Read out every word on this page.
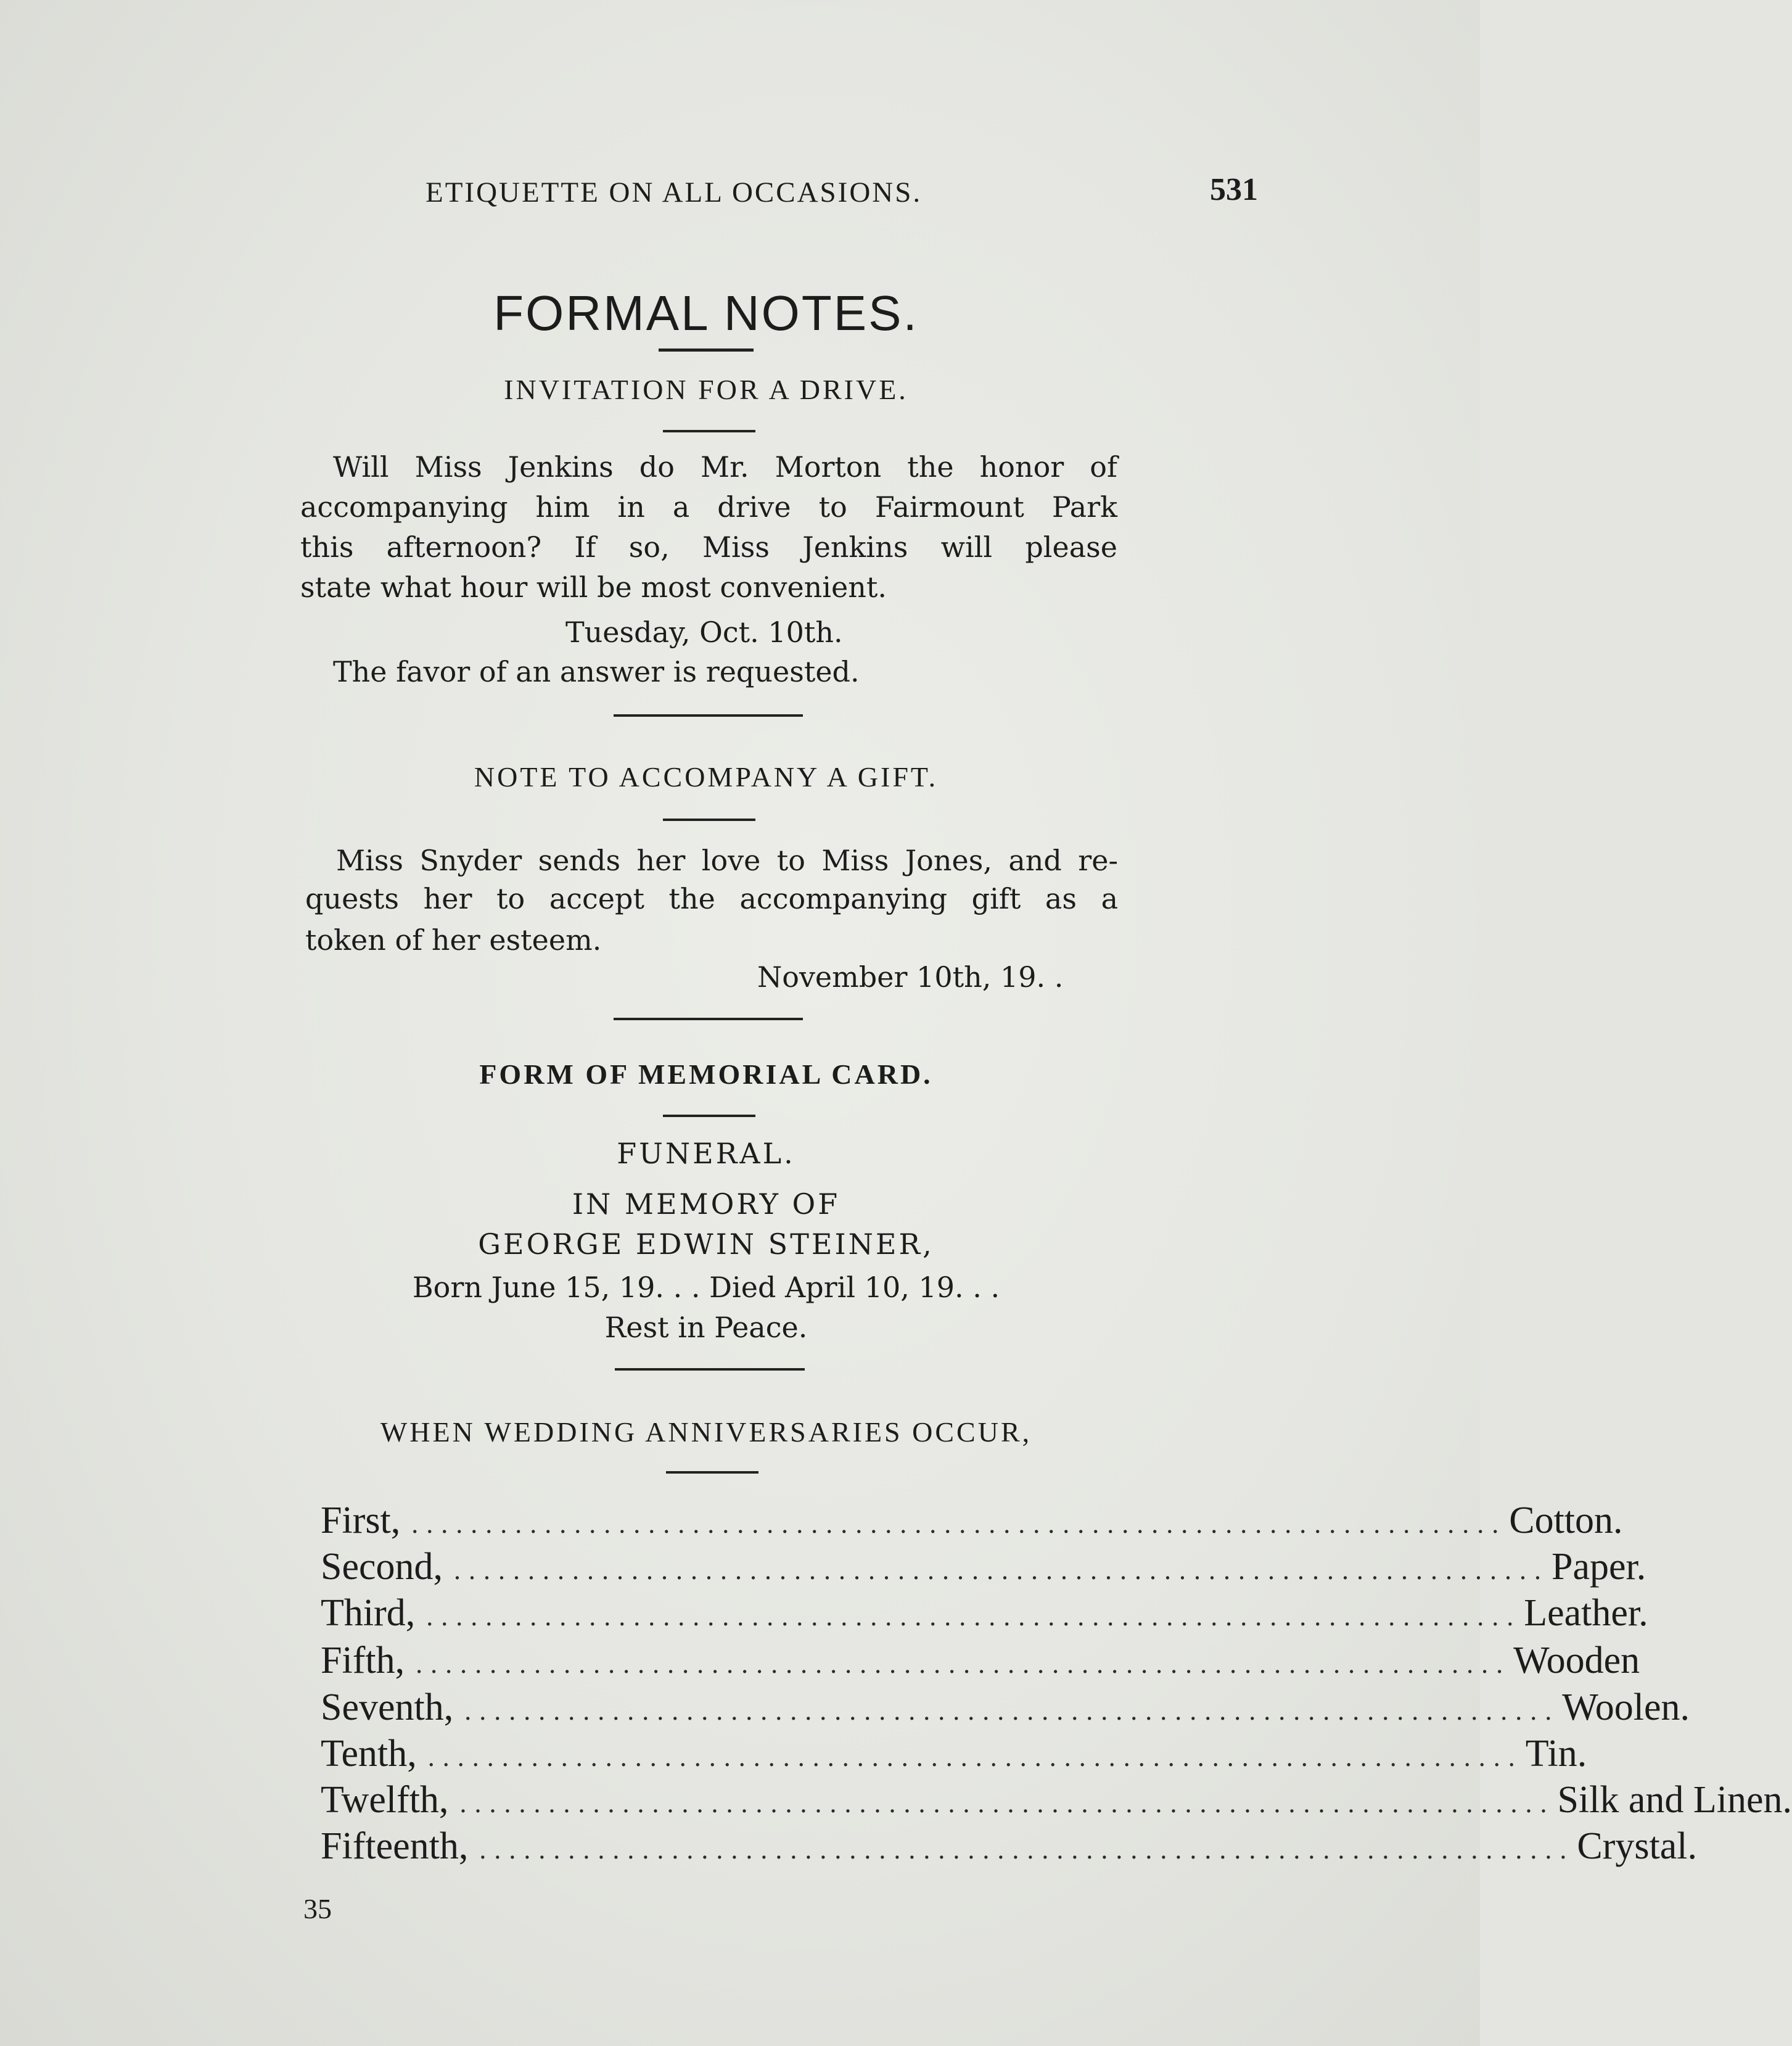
ETIQUETTE ON ALL OCCASIONS.	531
FORMAL NOTES.
INVITATION FOR A DRIVE.
Will Miss Jenkins do Mr. Morton the honor of
accompanying him in a drive to Fairmount Park
this afternoon? If so, Miss Jenkins will please
state what hour will be most convenient.
Tuesday, Oct. 10th.
The favor of an answer is requested.
NOTE TO ACCOMPANY A GIFT.
Miss Snyder sends her love to Miss Jones, and re-
quests her to accept the accompanying gift as a
token of her esteem.
November 10th, 19. .
FORM OF MEMORIAL CARD.
FUNERAL.
IN MEMORY OF
GEORGE EDWIN STEINER,
Born June 15, 19. . . Died April 10, 19. . .
Rest in Peace.
WHEN WEDDING ANNIVERSARIES OCCUR,
First, .......................................................................... Cotton.
Second, .......................................................................... Paper.
Third, .......................................................................... Leather.
Fifth, .......................................................................... Wooden
Seventh, .......................................................................... Woolen.
Tenth, .......................................................................... Tin.
Twelfth, .......................................................................... Silk and Linen.
Fifteenth, .......................................................................... Crystal.
35
